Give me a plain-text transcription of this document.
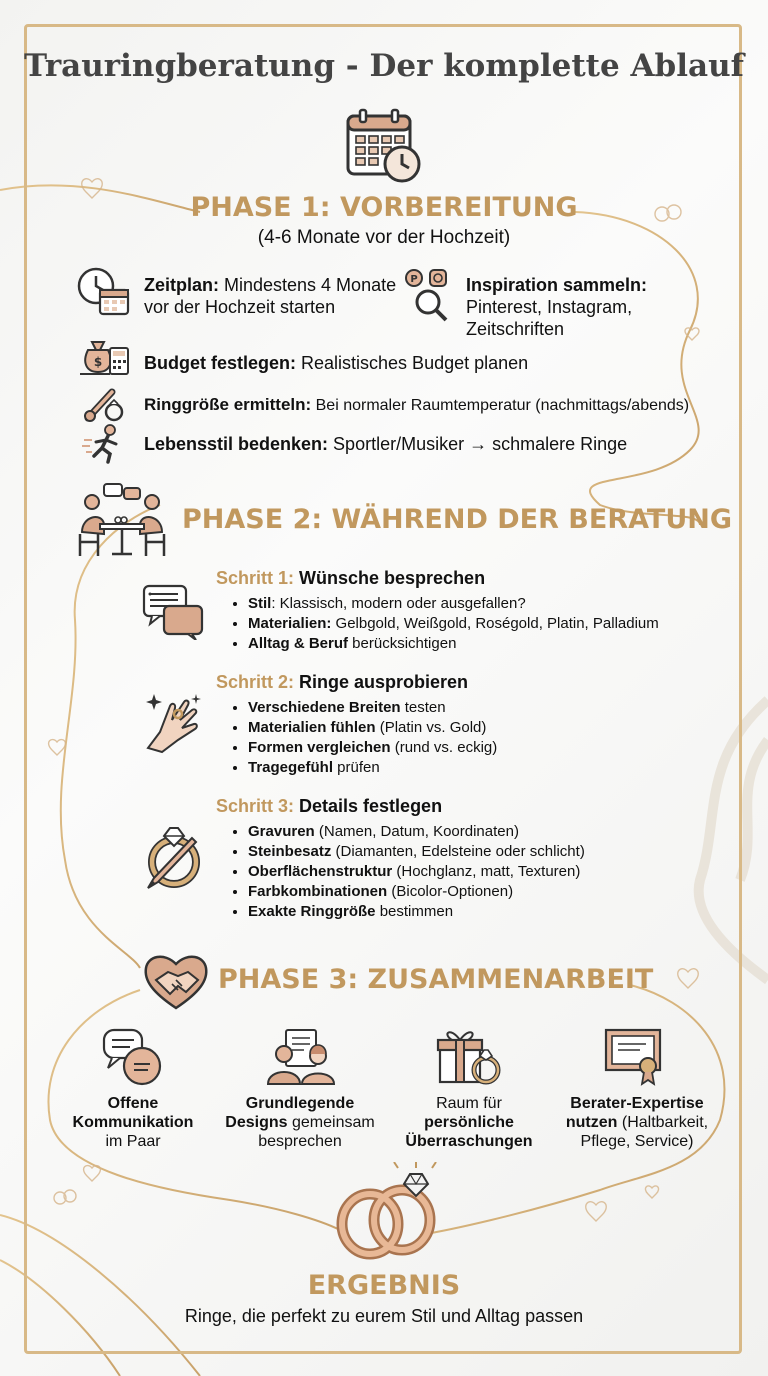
Trauringberatung - Der komplette Ablauf
PHASE 1: VORBEREITUNG
(4-6 Monate vor der Hochzeit)
P
$
Zeitplan: Mindestens 4 Monate
vor der Hochzeit starten
Inspiration sammeln:
Pinterest, Instagram,
Zeitschriften
Budget festlegen: Realistisches Budget planen
Ringgröße ermitteln: Bei normaler Raumtemperatur (nachmittags/abends)
Lebensstil bedenken: Sportler/Musiker → schmalere Ringe
PHASE 2: WÄHREND DER BERATUNG
Schritt 1: Wünsche besprechen
• Stil: Klassisch, modern oder ausgefallen?
• Materialien: Gelbgold, Weißgold, Roségold, Platin, Palladium
• Alltag & Beruf berücksichtigen
Schritt 2: Ringe ausprobieren
• Verschiedene Breiten testen
• Materialien fühlen (Platin vs. Gold)
• Formen vergleichen (rund vs. eckig)
• Tragegefühl prüfen
Schritt 3: Details festlegen
• Gravuren (Namen, Datum, Koordinaten)
• Steinbesatz (Diamanten, Edelsteine oder schlicht)
• Oberflächenstruktur (Hochglanz, matt, Texturen)
• Farbkombinationen (Bicolor-Optionen)
• Exakte Ringgröße bestimmen
PHASE 3: ZUSAMMENARBEIT
Offene
Kommunikation
im Paar
Grundlegende
Designs gemeinsam
besprechen
Raum für
persönliche
Überraschungen
Berater-Expertise
nutzen (Haltbarkeit,
Pflege, Service)
ERGEBNIS
Ringe, die perfekt zu eurem Stil und Alltag passen
